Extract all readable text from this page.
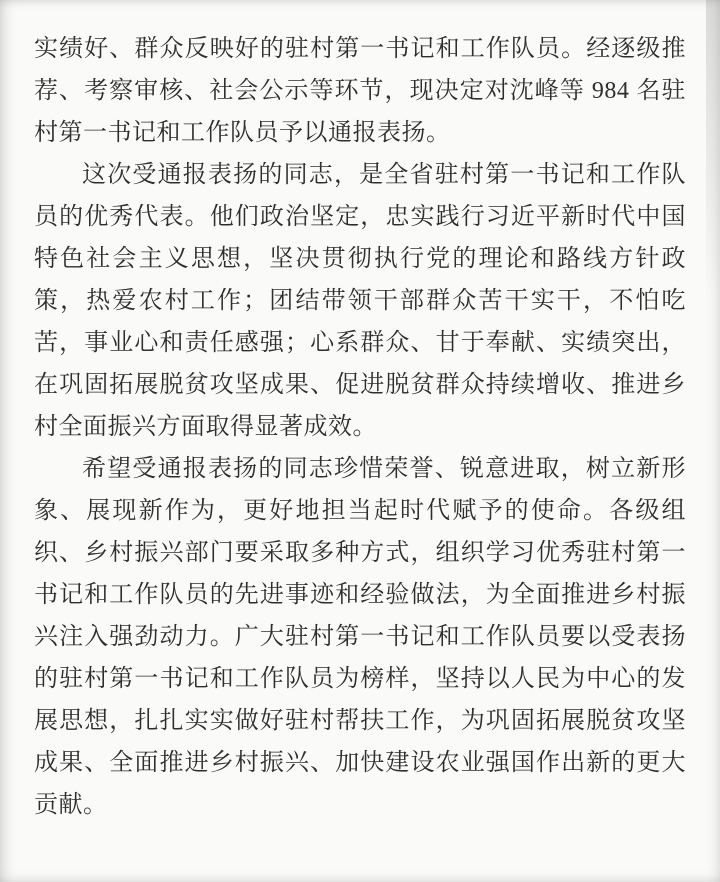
实绩好、群众反映好的驻村第一书记和工作队员。经逐级推
荐、考察审核、社会公示等环节，现决定对沈峰等 984 名驻
村第一书记和工作队员予以通报表扬。
这次受通报表扬的同志，是全省驻村第一书记和工作队
员的优秀代表。他们政治坚定，忠实践行习近平新时代中国
特色社会主义思想，坚决贯彻执行党的理论和路线方针政
策，热爱农村工作；团结带领干部群众苦干实干，不怕吃
苦，事业心和责任感强；心系群众、甘于奉献、实绩突出，
在巩固拓展脱贫攻坚成果、促进脱贫群众持续增收、推进乡
村全面振兴方面取得显著成效。
希望受通报表扬的同志珍惜荣誉、锐意进取，树立新形
象、展现新作为，更好地担当起时代赋予的使命。各级组
织、乡村振兴部门要采取多种方式，组织学习优秀驻村第一
书记和工作队员的先进事迹和经验做法，为全面推进乡村振
兴注入强劲动力。广大驻村第一书记和工作队员要以受表扬
的驻村第一书记和工作队员为榜样，坚持以人民为中心的发
展思想，扎扎实实做好驻村帮扶工作，为巩固拓展脱贫攻坚
成果、全面推进乡村振兴、加快建设农业强国作出新的更大
贡献。
